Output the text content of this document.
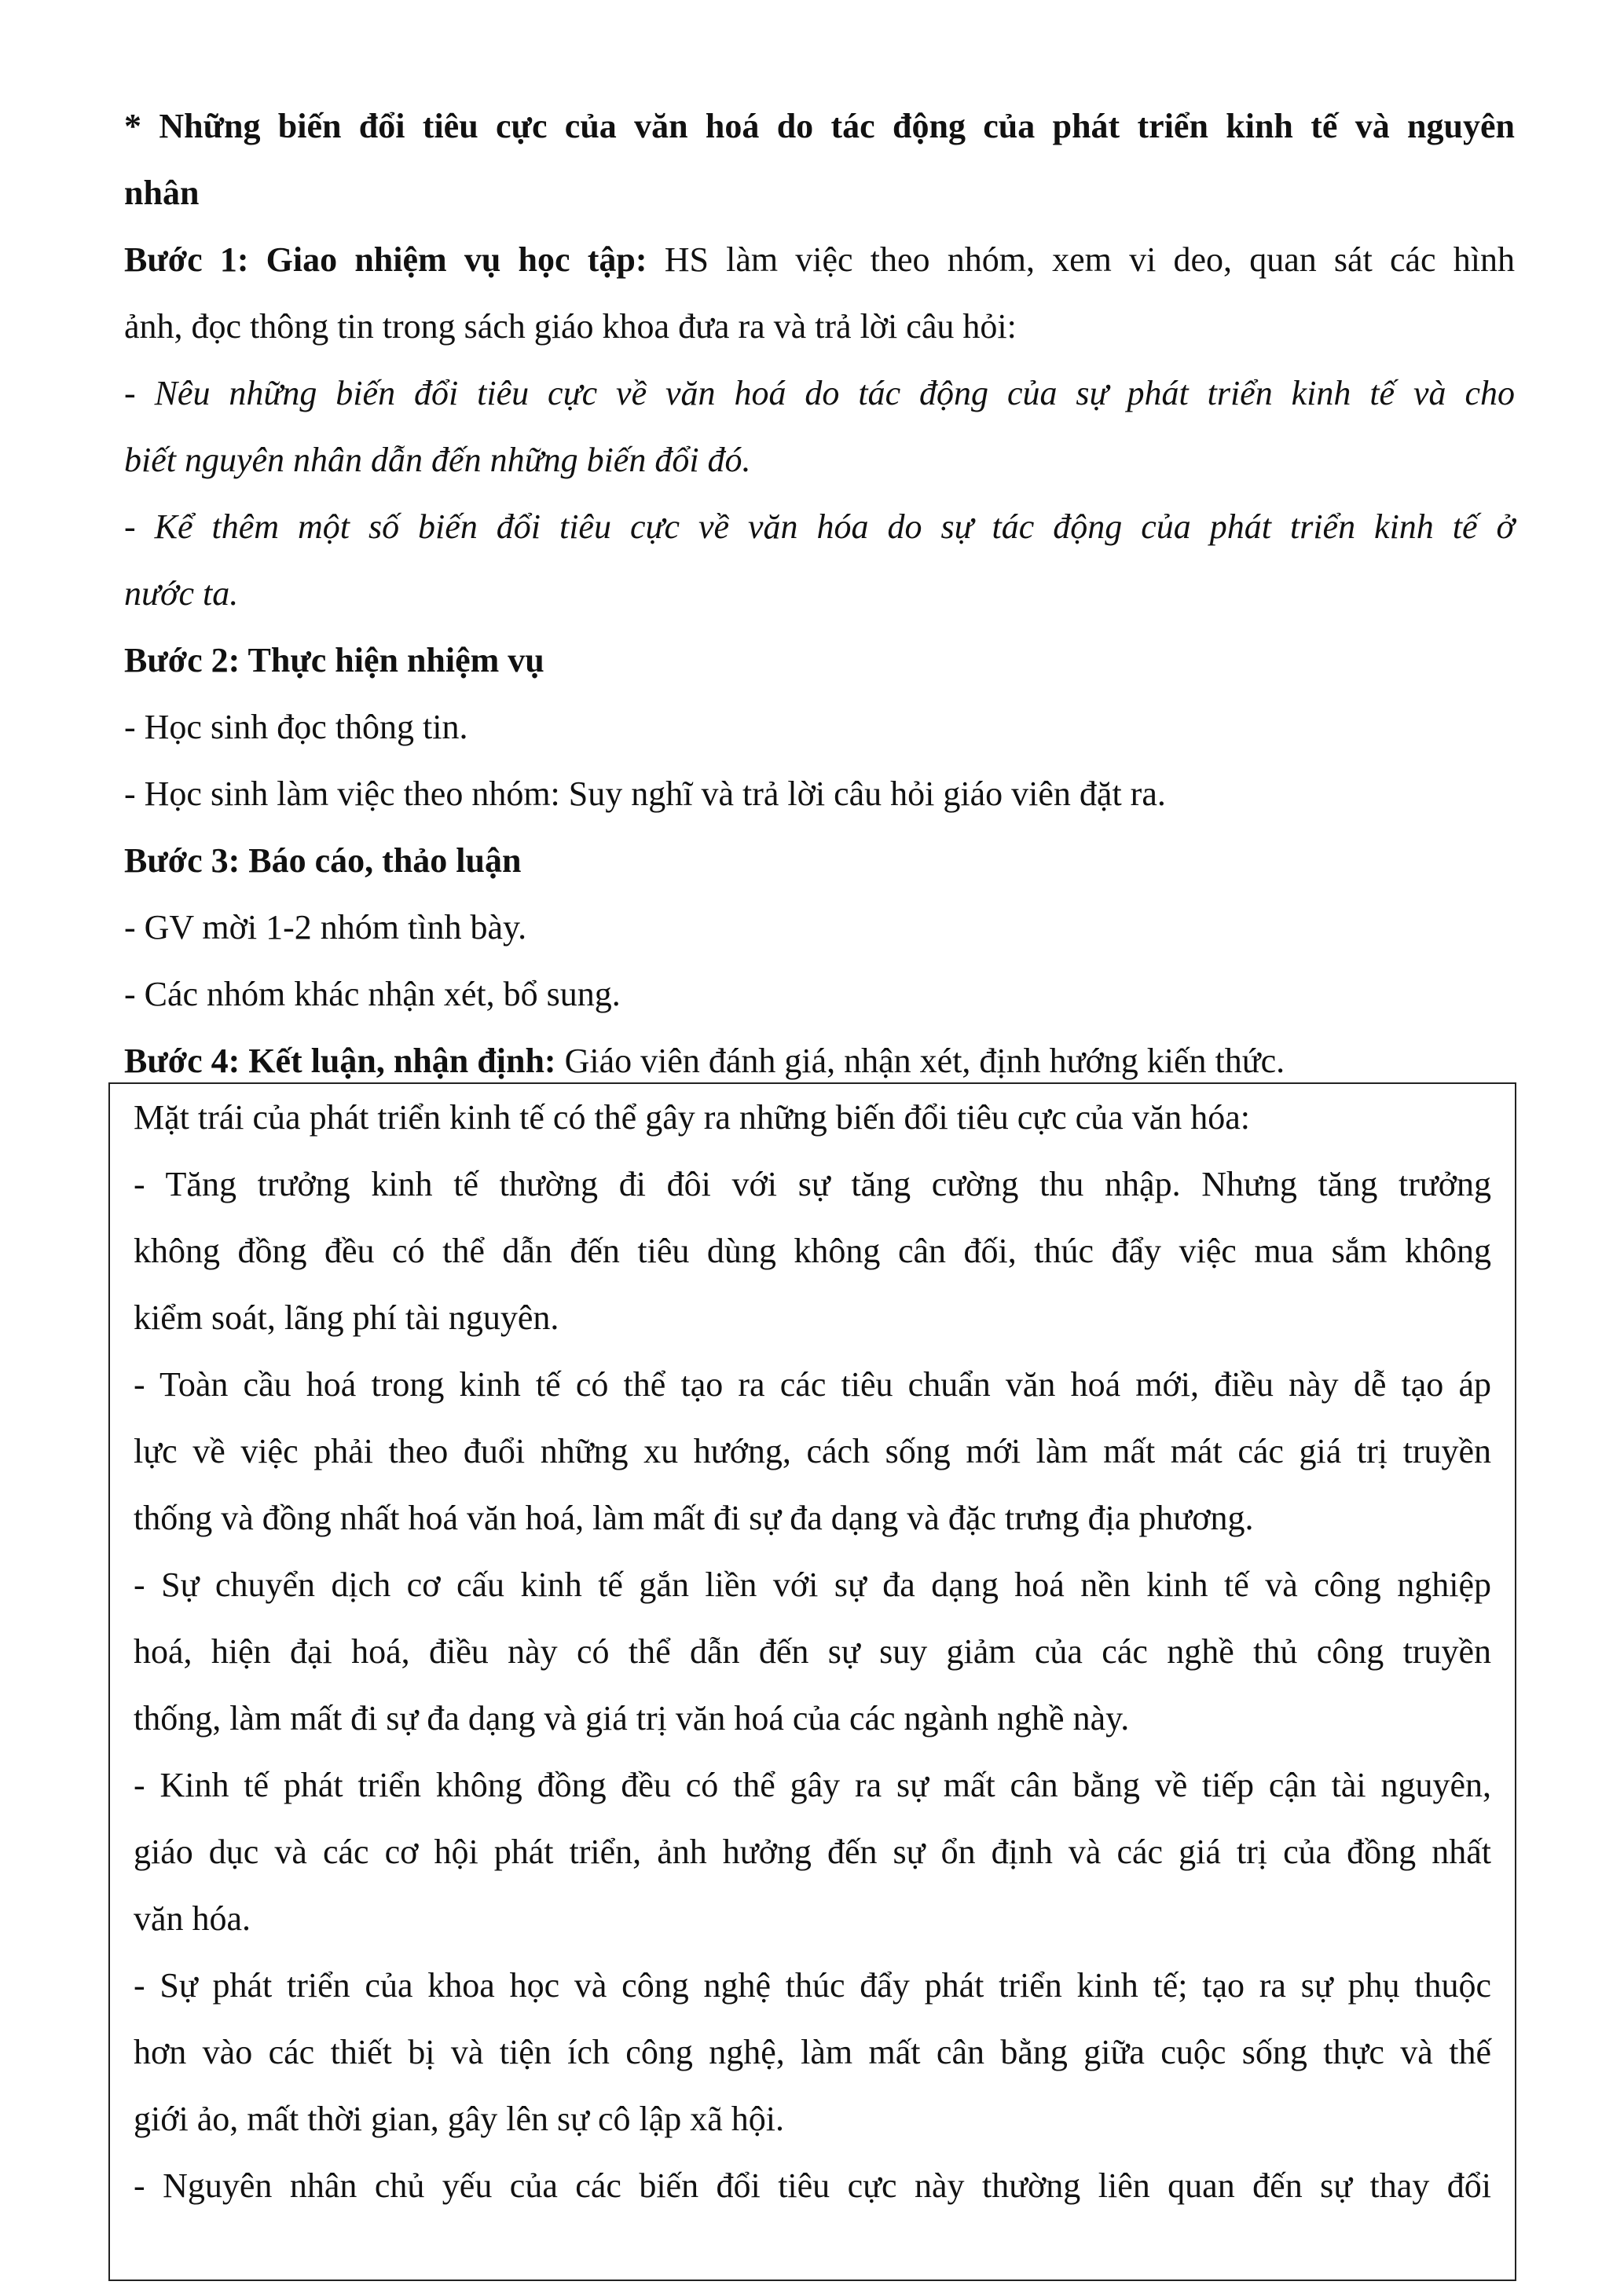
* Những biến đổi tiêu cực của văn hoá do tác động của phát triển kinh tế và nguyên

nhân

Bước 1: Giao nhiệm vụ học tập: HS làm việc theo nhóm, xem vi deo, quan sát các hình

ảnh, đọc thông tin trong sách giáo khoa đưa ra và trả lời câu hỏi:

- Nêu những biến đổi tiêu cực về văn hoá do tác động của sự phát triển kinh tế và cho

biết nguyên nhân dẫn đến những biến đổi đó.

- Kể thêm một số biến đổi tiêu cực về văn hóa do sự tác động của phát triển kinh tế ở

nước ta.

Bước 2: Thực hiện nhiệm vụ

- Học sinh đọc thông tin.

- Học sinh làm việc theo nhóm: Suy nghĩ và trả lời câu hỏi giáo viên đặt ra.

Bước 3: Báo cáo, thảo luận

- GV mời 1-2 nhóm tình bày.

- Các nhóm khác nhận xét, bổ sung.

Bước 4: Kết luận, nhận định: Giáo viên đánh giá, nhận xét, định hướng kiến thức.

Mặt trái của phát triển kinh tế có thể gây ra những biến đổi tiêu cực của văn hóa:

- Tăng trưởng kinh tế thường đi đôi với sự tăng cường thu nhập. Nhưng tăng trưởng

không đồng đều có thể dẫn đến tiêu dùng không cân đối, thúc đẩy việc mua sắm không

kiểm soát, lãng phí tài nguyên.

- Toàn cầu hoá trong kinh tế có thể tạo ra các tiêu chuẩn văn hoá mới, điều này dễ tạo áp

lực về việc phải theo đuổi những xu hướng, cách sống mới làm mất mát các giá trị truyền

thống và đồng nhất hoá văn hoá, làm mất đi sự đa dạng và đặc trưng địa phương.

- Sự chuyển dịch cơ cấu kinh tế gắn liền với sự đa dạng hoá nền kinh tế và công nghiệp

hoá, hiện đại hoá, điều này có thể dẫn đến sự suy giảm của các nghề thủ công truyền

thống, làm mất đi sự đa dạng và giá trị văn hoá của các ngành nghề này.

- Kinh tế phát triển không đồng đều có thể gây ra sự mất cân bằng về tiếp cận tài nguyên,

giáo dục và các cơ hội phát triển, ảnh hưởng đến sự ổn định và các giá trị của đồng nhất

văn hóa.

- Sự phát triển của khoa học và công nghệ thúc đẩy phát triển kinh tế; tạo ra sự phụ thuộc

hơn vào các thiết bị và tiện ích công nghệ, làm mất cân bằng giữa cuộc sống thực và thế

giới ảo, mất thời gian, gây lên sự cô lập xã hội.

- Nguyên nhân chủ yếu của các biến đổi tiêu cực này thường liên quan đến sự thay đổi
